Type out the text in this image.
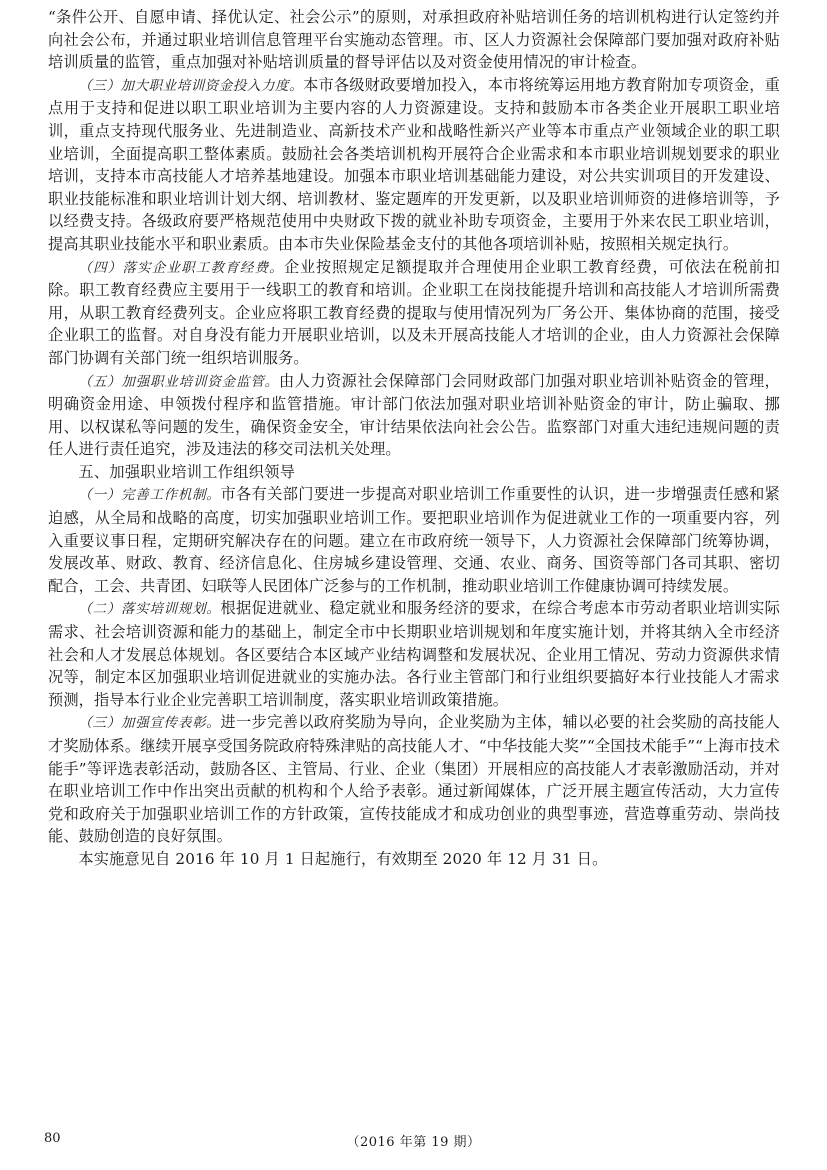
“条件公开、自愿申请、择优认定、社会公示”的原则，对承担政府补贴培训任务的培训机构进行认定签约并向社会公布，并通过职业培训信息管理平台实施动态管理。市、区人力资源社会保障部门要加强对政府补贴培训质量的监管，重点加强对补贴培训质量的督导评估以及对资金使用情况的审计检查。

（三）加大职业培训资金投入力度。本市各级财政要增加投入，本市将统筹运用地方教育附加专项资金，重点用于支持和促进以职工职业培训为主要内容的人力资源建设。支持和鼓励本市各类企业开展职工职业培训，重点支持现代服务业、先进制造业、高新技术产业和战略性新兴产业等本市重点产业领域企业的职工职业培训，全面提高职工整体素质。鼓励社会各类培训机构开展符合企业需求和本市职业培训规划要求的职业培训，支持本市高技能人才培养基地建设。加强本市职业培训基础能力建设，对公共实训项目的开发建设、职业技能标准和职业培训计划大纲、培训教材、鉴定题库的开发更新，以及职业培训师资的进修培训等，予以经费支持。各级政府要严格规范使用中央财政下拨的就业补助专项资金，主要用于外来农民工职业培训，提高其职业技能水平和职业素质。由本市失业保险基金支付的其他各项培训补贴，按照相关规定执行。

（四）落实企业职工教育经费。企业按照规定足额提取并合理使用企业职工教育经费，可依法在税前扣除。职工教育经费应主要用于一线职工的教育和培训。企业职工在岗技能提升培训和高技能人才培训所需费用，从职工教育经费列支。企业应将职工教育经费的提取与使用情况列为厂务公开、集体协商的范围，接受企业职工的监督。对自身没有能力开展职业培训，以及未开展高技能人才培训的企业，由人力资源社会保障部门协调有关部门统一组织培训服务。

（五）加强职业培训资金监管。由人力资源社会保障部门会同财政部门加强对职业培训补贴资金的管理，明确资金用途、申领拨付程序和监管措施。审计部门依法加强对职业培训补贴资金的审计，防止骗取、挪用、以权谋私等问题的发生，确保资金安全，审计结果依法向社会公告。监察部门对重大违纪违规问题的责任人进行责任追究，涉及违法的移交司法机关处理。

五、加强职业培训工作组织领导

（一）完善工作机制。市各有关部门要进一步提高对职业培训工作重要性的认识，进一步增强责任感和紧迫感，从全局和战略的高度，切实加强职业培训工作。要把职业培训作为促进就业工作的一项重要内容，列入重要议事日程，定期研究解决存在的问题。建立在市政府统一领导下，人力资源社会保障部门统筹协调，发展改革、财政、教育、经济信息化、住房城乡建设管理、交通、农业、商务、国资等部门各司其职、密切配合，工会、共青团、妇联等人民团体广泛参与的工作机制，推动职业培训工作健康协调可持续发展。

（二）落实培训规划。根据促进就业、稳定就业和服务经济的要求，在综合考虑本市劳动者职业培训实际需求、社会培训资源和能力的基础上，制定全市中长期职业培训规划和年度实施计划，并将其纳入全市经济社会和人才发展总体规划。各区要结合本区域产业结构调整和发展状况、企业用工情况、劳动力资源供求情况等，制定本区加强职业培训促进就业的实施办法。各行业主管部门和行业组织要搞好本行业技能人才需求预测，指导本行业企业完善职工培训制度，落实职业培训政策措施。

（三）加强宣传表彰。进一步完善以政府奖励为导向，企业奖励为主体，辅以必要的社会奖励的高技能人才奖励体系。继续开展享受国务院政府特殊津贴的高技能人才、“中华技能大奖”“全国技术能手”“上海市技术能手”等评选表彰活动，鼓励各区、主管局、行业、企业（集团）开展相应的高技能人才表彰激励活动，并对在职业培训工作中作出突出贡献的机构和个人给予表彰。通过新闻媒体，广泛开展主题宣传活动，大力宣传党和政府关于加强职业培训工作的方针政策，宣传技能成才和成功创业的典型事迹，营造尊重劳动、崇尚技能、鼓励创造的良好氛围。

本实施意见自 2016 年 10 月 1 日起施行，有效期至 2020 年 12 月 31 日。

80	（2016 年第 19 期）
